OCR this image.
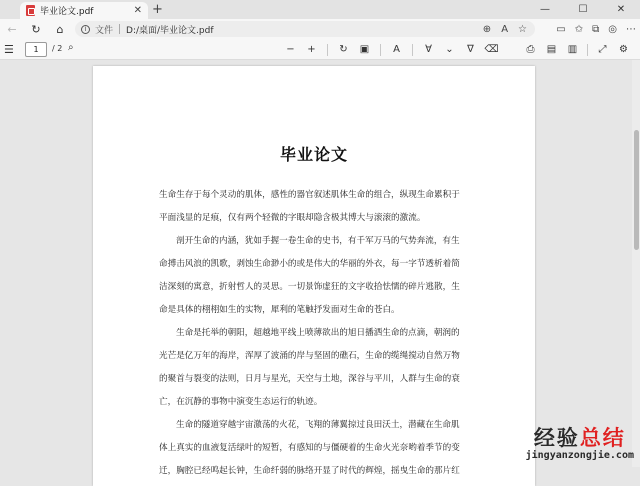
毕业论文.pdf	✕ +	—	☐	✕
←	↻	⌂	i 文件 D:/桌面/毕业论文.pdf	⊕ A ☆	▭ ✩ ⧉ ◎ ⋯
☰	1	/ 2 ⌕	−	+	↻	▣	A	∀	⌄	∇	⌫	⎙	▤	▥	⤢	⚙
毕业论文
生命生存于每个灵动的肌体，感性的器官叙述肌体生命的组合，纵现生命累积于
平面浅显的足痕，仅有两个轻微的字眼却隐含极其博大与滚滚的激流。
剖开生命的内涵，犹如手握一卷生命的史书，有千军万马的气势奔流，有生
命搏击风浪的凯歌，剥蚀生命渺小的或是伟大的华丽的外衣，每一字节透析着简
洁深刻的寓意，折射哲人的灵思。一切景饰虚狂的文字收拾怯懦的碎片逃散，生
命是具体的栩栩如生的实物，犀利的笔触抒发面对生命的苍白。
生命是托举的朝阳，超越地平线上喷薄欲出的旭日播洒生命的点滴，朝润的
光芒是亿万年的海岸，浑厚了波涌的岸与坚固的礁石，生命的缆绳搅动自然万物
的聚首与裂变的法则，日月与星光，天空与土地，深谷与平川，人群与生命的衰
亡，在沉静的事物中演变生态运行的轨迹。
生命的隧道穿越宇宙激荡的火花，飞翔的薄翼掠过良田沃土，潜藏在生命肌
体上真实的血液复活绿叶的短暂，有感知的与僵硬着的生命火光奈哟着季节的变
迁，胸腔已经鸣起长钟，生命纤弱的脉络开显了时代的辉煌，摇曳生命的那片红
经验总结
jingyanzongjie.com
